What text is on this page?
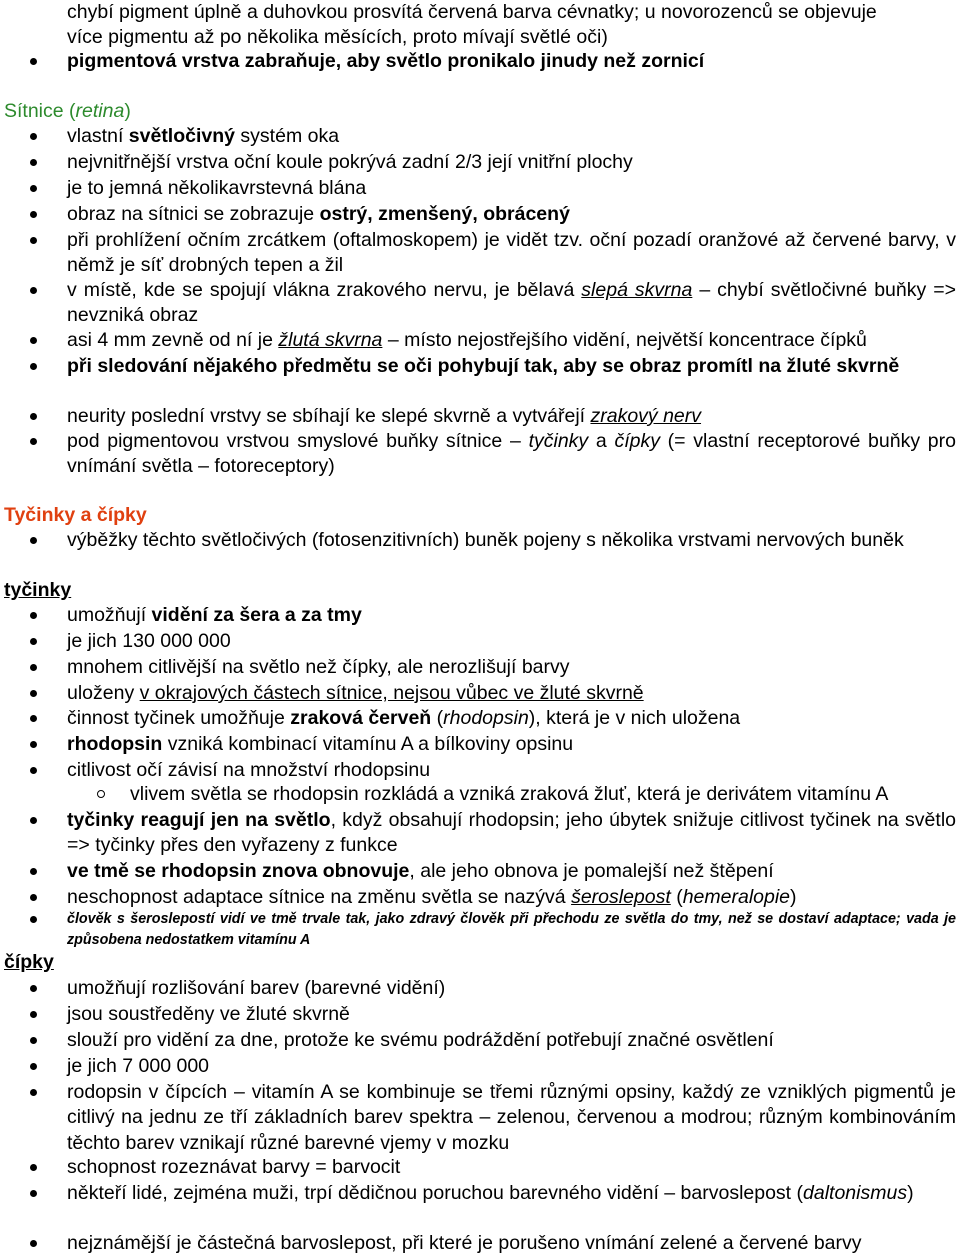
chybí pigment úplně a duhovkou prosvítá červená barva cévnatky; u novorozenců se objevuje
více pigmentu až po několika měsících, proto mívají světlé oči)
pigmentová vrstva zabraňuje, aby světlo pronikalo jinudy než zornicí
Sítnice (retina)
vlastní světločivný systém oka
nejvnitřnější vrstva oční koule pokrývá zadní 2/3 její vnitřní plochy
je to jemná několikavrstevná blána
obraz na sítnici se zobrazuje ostrý, zmenšený, obrácený
při prohlížení očním zrcátkem (oftalmoskopem) je vidět tzv. oční pozadí oranžové až červené barvy, v němž je síť drobných tepen a žil
v místě, kde se spojují vlákna zrakového nervu, je bělavá slepá skvrna – chybí světločivné buňky => nevzniká obraz
asi 4 mm zevně od ní je žlutá skvrna – místo nejostřejšího vidění, největší koncentrace čípků
při sledování nějakého předmětu se oči pohybují tak, aby se obraz promítl na žluté skvrně
neurity poslední vrstvy se sbíhají ke slepé skvrně a vytvářejí zrakový nerv
pod pigmentovou vrstvou smyslové buňky sítnice – tyčinky a čípky (= vlastní receptorové buňky pro vnímání světla – fotoreceptory)
Tyčinky a čípky
výběžky těchto světločivých (fotosenzitivních) buněk pojeny s několika vrstvami nervových buněk
tyčinky
umožňují vidění za šera a za tmy
je jich 130 000 000
mnohem citlivější na světlo než čípky, ale nerozlišují barvy
uloženy v okrajových částech sítnice, nejsou vůbec ve žluté skvrně
činnost tyčinek umožňuje zraková červeň (rhodopsin), která je v nich uložena
rhodopsin vzniká kombinací vitamínu A a bílkoviny opsinu
citlivost očí závisí na množství rhodopsinu
vlivem světla se rhodopsin rozkládá a vzniká zraková žluť, která je derivátem vitamínu A
tyčinky reagují jen na světlo, když obsahují rhodopsin; jeho úbytek snižuje citlivost tyčinek na světlo => tyčinky přes den vyřazeny z funkce
ve tmě se rhodopsin znova obnovuje, ale jeho obnova je pomalejší než štěpení
neschopnost adaptace sítnice na změnu světla se nazývá šeroslepost (hemeralopie)
člověk s šeroslepostí vidí ve tmě trvale tak, jako zdravý člověk při přechodu ze světla do tmy, než se dostaví adaptace; vada je způsobena nedostatkem vitamínu A
čípky
umožňují rozlišování barev (barevné vidění)
jsou soustředěny ve žluté skvrně
slouží pro vidění za dne, protože ke svému podráždění potřebují značné osvětlení
je jich 7 000 000
rodopsin v čípcích – vitamín A se kombinuje se třemi různými opsiny, každý ze vzniklých pigmentů je citlivý na jednu ze tří základních barev spektra – zelenou, červenou a modrou; různým kombinováním těchto barev vznikají různé barevné vjemy v mozku
schopnost rozeznávat barvy = barvocit
někteří lidé, zejména muži, trpí dědičnou poruchou barevného vidění – barvoslepost (daltonismus)
nejznámější je částečná barvoslepost, při které je porušeno vnímání zelené a červené barvy
